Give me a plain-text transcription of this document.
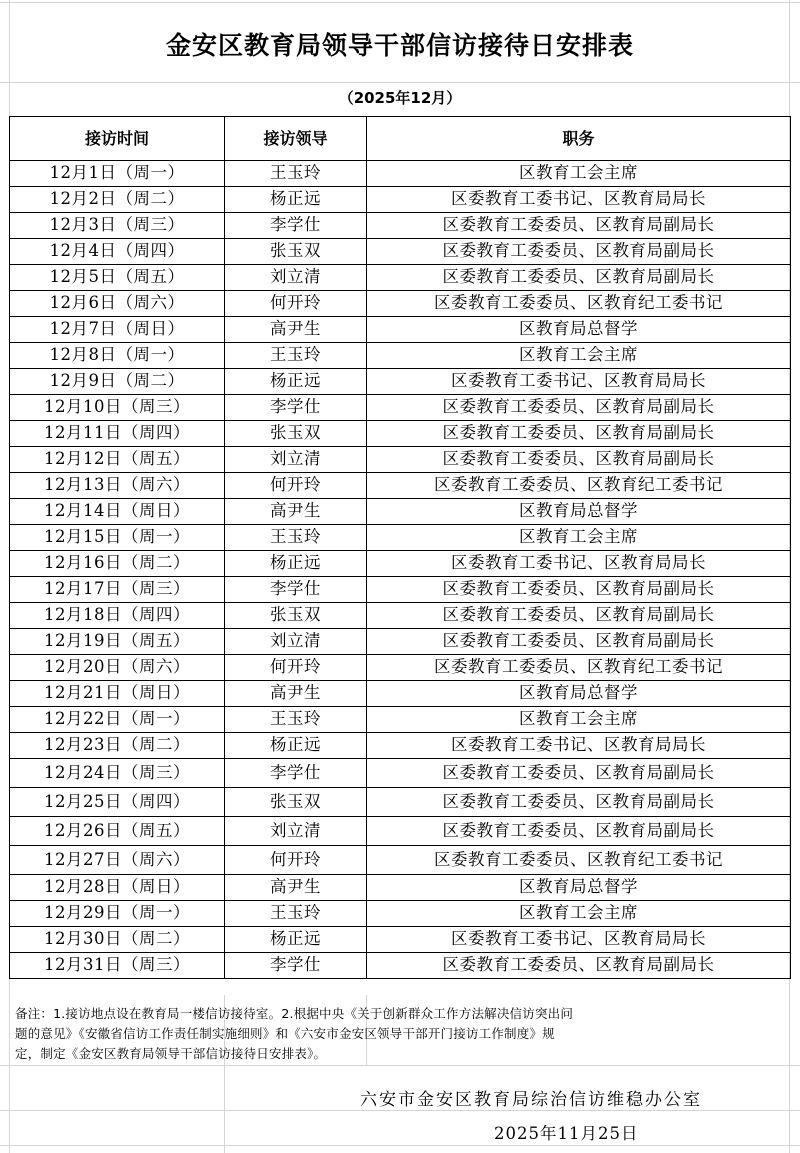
金安区教育局领导干部信访接待日安排表
（2025年12月）
接访时间	接访领导	职务
12月1日（周一）	王玉玲	区教育工会主席
12月2日（周二）	杨正远	区委教育工委书记、区教育局局长
12月3日（周三）	李学仕	区委教育工委委员、区教育局副局长
12月4日（周四）	张玉双	区委教育工委委员、区教育局副局长
12月5日（周五）	刘立清	区委教育工委委员、区教育局副局长
12月6日（周六）	何开玲	区委教育工委委员、区教育纪工委书记
12月7日（周日）	高尹生	区教育局总督学
12月8日（周一）	王玉玲	区教育工会主席
12月9日（周二）	杨正远	区委教育工委书记、区教育局局长
12月10日（周三）	李学仕	区委教育工委委员、区教育局副局长
12月11日（周四）	张玉双	区委教育工委委员、区教育局副局长
12月12日（周五）	刘立清	区委教育工委委员、区教育局副局长
12月13日（周六）	何开玲	区委教育工委委员、区教育纪工委书记
12月14日（周日）	高尹生	区教育局总督学
12月15日（周一）	王玉玲	区教育工会主席
12月16日（周二）	杨正远	区委教育工委书记、区教育局局长
12月17日（周三）	李学仕	区委教育工委委员、区教育局副局长
12月18日（周四）	张玉双	区委教育工委委员、区教育局副局长
12月19日（周五）	刘立清	区委教育工委委员、区教育局副局长
12月20日（周六）	何开玲	区委教育工委委员、区教育纪工委书记
12月21日（周日）	高尹生	区教育局总督学
12月22日（周一）	王玉玲	区教育工会主席
12月23日（周二）	杨正远	区委教育工委书记、区教育局局长
12月24日（周三）	李学仕	区委教育工委委员、区教育局副局长
12月25日（周四）	张玉双	区委教育工委委员、区教育局副局长
12月26日（周五）	刘立清	区委教育工委委员、区教育局副局长
12月27日（周六）	何开玲	区委教育工委委员、区教育纪工委书记
12月28日（周日）	高尹生	区教育局总督学
12月29日（周一）	王玉玲	区教育工会主席
12月30日（周二）	杨正远	区委教育工委书记、区教育局局长
12月31日（周三）	李学仕	区委教育工委委员、区教育局副局长
备注：1.接访地点设在教育局一楼信访接待室。2.根据中央《关于创新群众工作方法解决信访突出问
题的意见》《安徽省信访工作责任制实施细则》和《六安市金安区领导干部开门接访工作制度》规
定，制定《金安区教育局领导干部信访接待日安排表》。
六安市金安区教育局综治信访维稳办公室
2025年11月25日
